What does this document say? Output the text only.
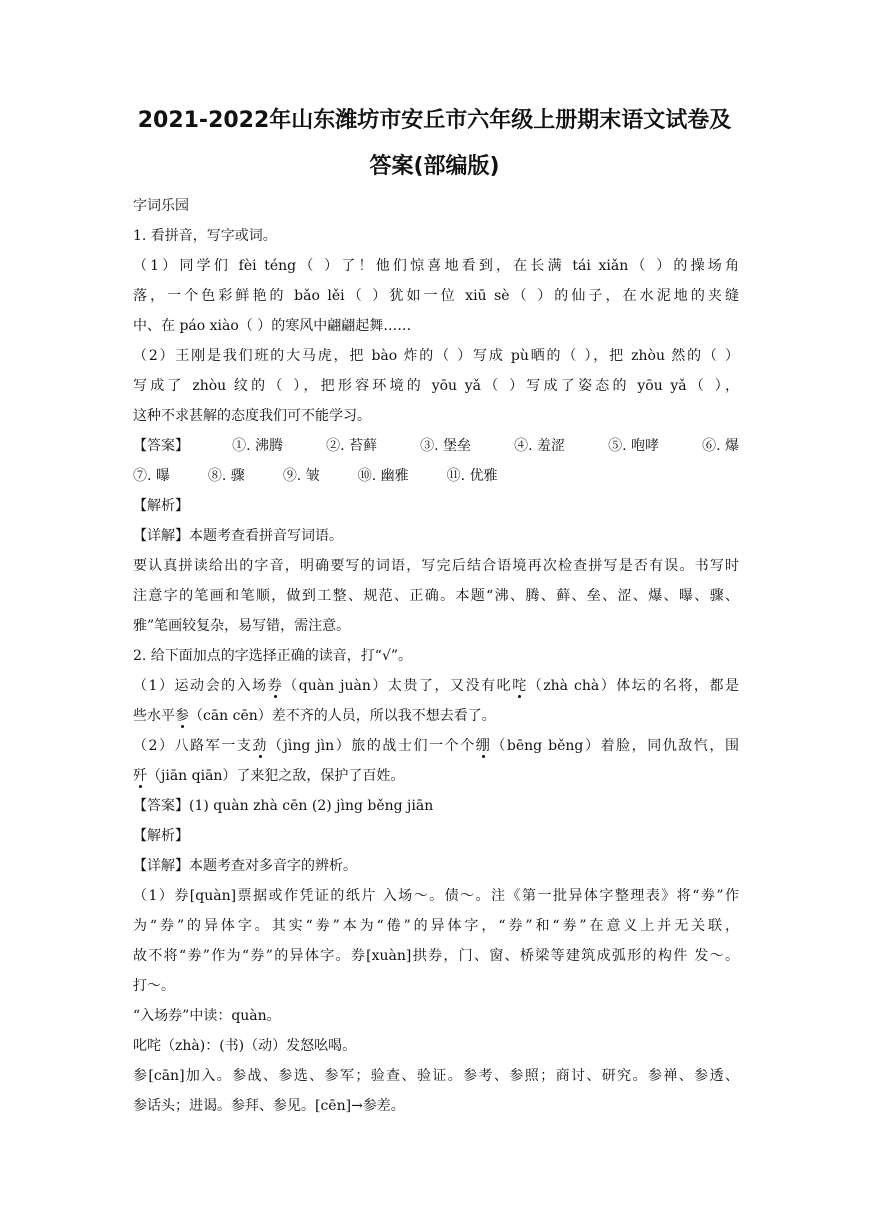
2021-2022年山东潍坊市安丘市六年级上册期末语文试卷及
答案(部编版)
字词乐园
1. 看拼音，写字或词。
（1）同学们 fèi téng（ ）了！他们惊喜地看到，在长满 tái xiǎn（ ）的操场角
落，一个色彩鲜艳的 bǎo lěi（ ）犹如一位 xiū sè（ ）的仙子，在水泥地的夹缝
中、在 páo xiào（ ）的寒风中翩翩起舞……
（2）王刚是我们班的大马虎，把 bào 炸的（ ）写成 pù晒的（ ），把 zhòu 然的（ ）
写成了 zhòu 纹的（ ），把形容环境的 yōu yǎ（ ）写成了姿态的 yōu yǎ（ ），
这种不求甚解的态度我们可不能学习。
【答案】	①. 沸腾	②. 苔藓	③. 堡垒	④. 羞涩	⑤. 咆哮	⑥. 爆
⑦. 曝	⑧. 骤	⑨. 皱	⑩. 幽雅	⑪. 优雅
【解析】
【详解】本题考查看拼音写词语。
要认真拼读给出的字音，明确要写的词语，写完后结合语境再次检查拼写是否有误。书写时
注意字的笔画和笔顺，做到工整、规范、正确。本题“沸、腾、藓、垒、涩、爆、曝、骤、
雅”笔画较复杂，易写错，需注意。
2. 给下面加点的字选择正确的读音，打“√”。
（1）运动会的入场券（quàn juàn）太贵了，又没有叱咤（zhà chà）体坛的名将，都是
些水平参（cān cēn）差不齐的人员，所以我不想去看了。
（2）八路军一支劲（jìng jìn）旅的战士们一个个绷（bēng běng）着脸，同仇敌忾，围
歼（jiān qiān）了来犯之敌，保护了百姓。
【答案】(1) quàn zhà cēn (2) jìng běng jiān
【解析】
【详解】本题考查对多音字的辨析。
（1）券[quàn]票据或作凭证的纸片 入场～。债～。注《第一批异体字整理表》将“劵”作
为“券”的异体字。其实“劵”本为“倦”的异体字，“券”和“劵”在意义上并无关联，
故不将“劵”作为“券”的异体字。券[xuàn]拱券，门、窗、桥梁等建筑成弧形的构件 发～。
打～。
“入场券”中读：quàn。
叱咤（zhà)：(书)（动）发怒吆喝。
参[cān]加入。参战、参选、参军；验查、验证。参考、参照；商讨、研究。参禅、参透、
参话头；进谒。参拜、参见。[cēn]→参差。
